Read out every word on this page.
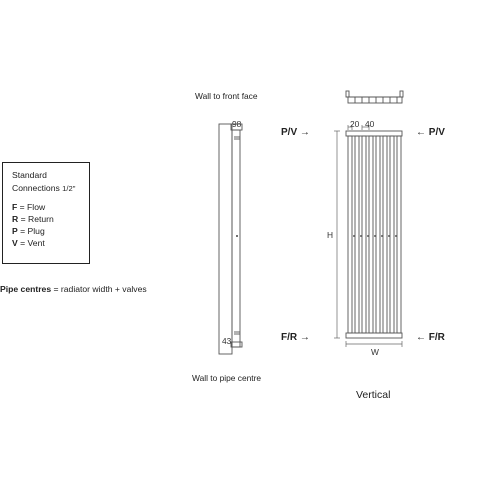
Standard
Connections 1/2"
F = Flow
R = Return
P = Plug
V = Vent
Pipe centres = radiator width + valves
Wall to front face
Wall to pipe centre
P/V →	← P/V
F/R →	← F/R
Vertical
98
43
20 40
H
W
